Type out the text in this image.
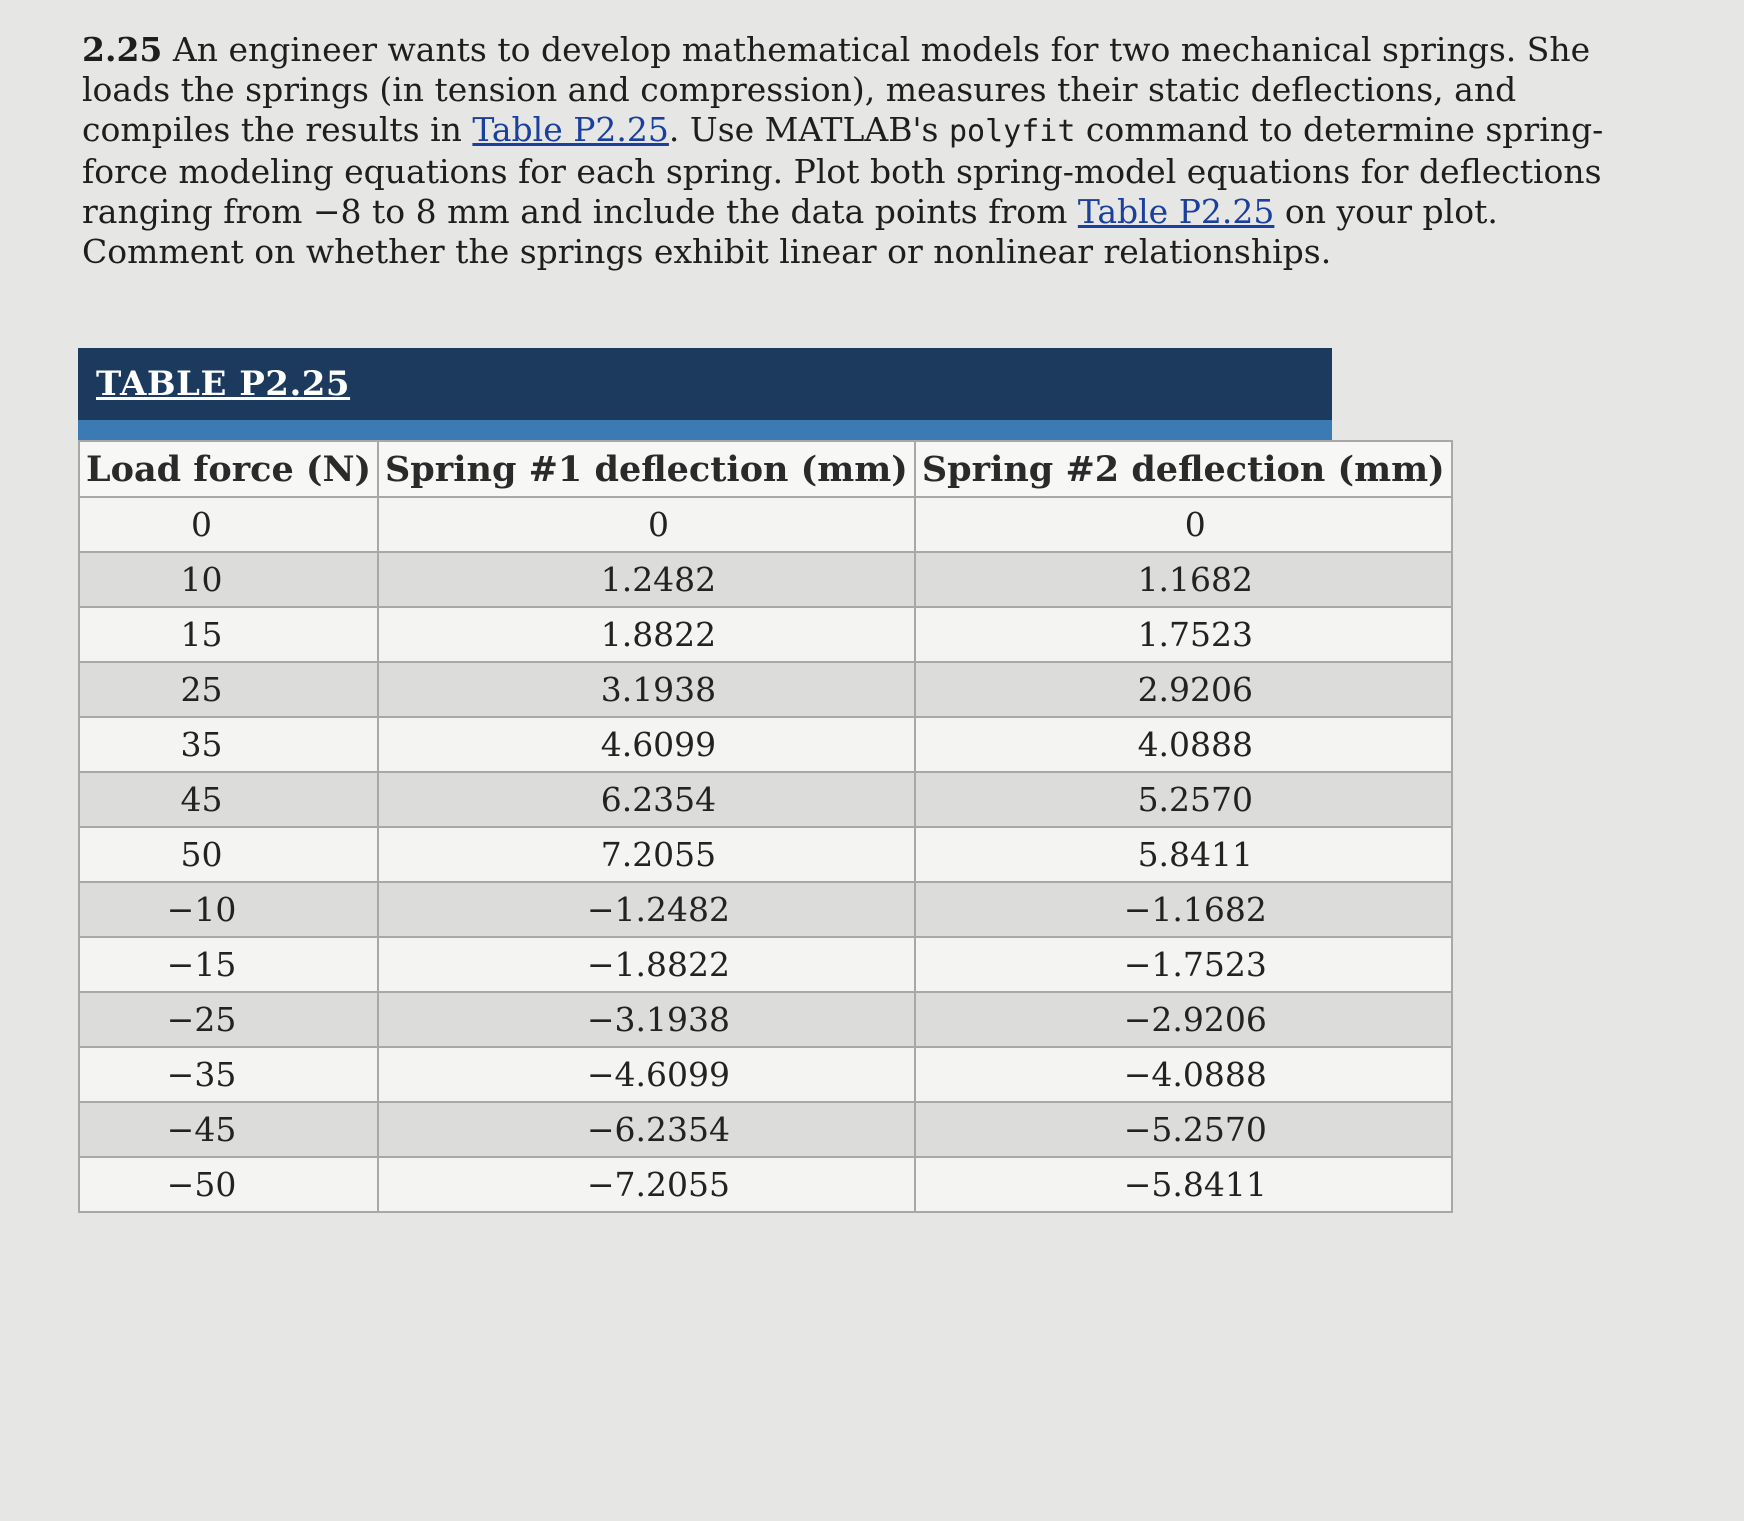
2.25 An engineer wants to develop mathematical models for two mechanical springs. She loads the springs (in tension and compression), measures their static deflections, and compiles the results in Table P2.25. Use MATLAB's polyfit command to determine spring-force modeling equations for each spring. Plot both spring-model equations for deflections ranging from −8 to 8 mm and include the data points from Table P2.25 on your plot. Comment on whether the springs exhibit linear or nonlinear relationships.
TABLE P2.25
Load force (N)	Spring #1 deflection (mm)	Spring #2 deflection (mm)
0	0	0
10	1.2482	1.1682
15	1.8822	1.7523
25	3.1938	2.9206
35	4.6099	4.0888
45	6.2354	5.2570
50	7.2055	5.8411
−10	−1.2482	−1.1682
−15	−1.8822	−1.7523
−25	−3.1938	−2.9206
−35	−4.6099	−4.0888
−45	−6.2354	−5.2570
−50	−7.2055	−5.8411
